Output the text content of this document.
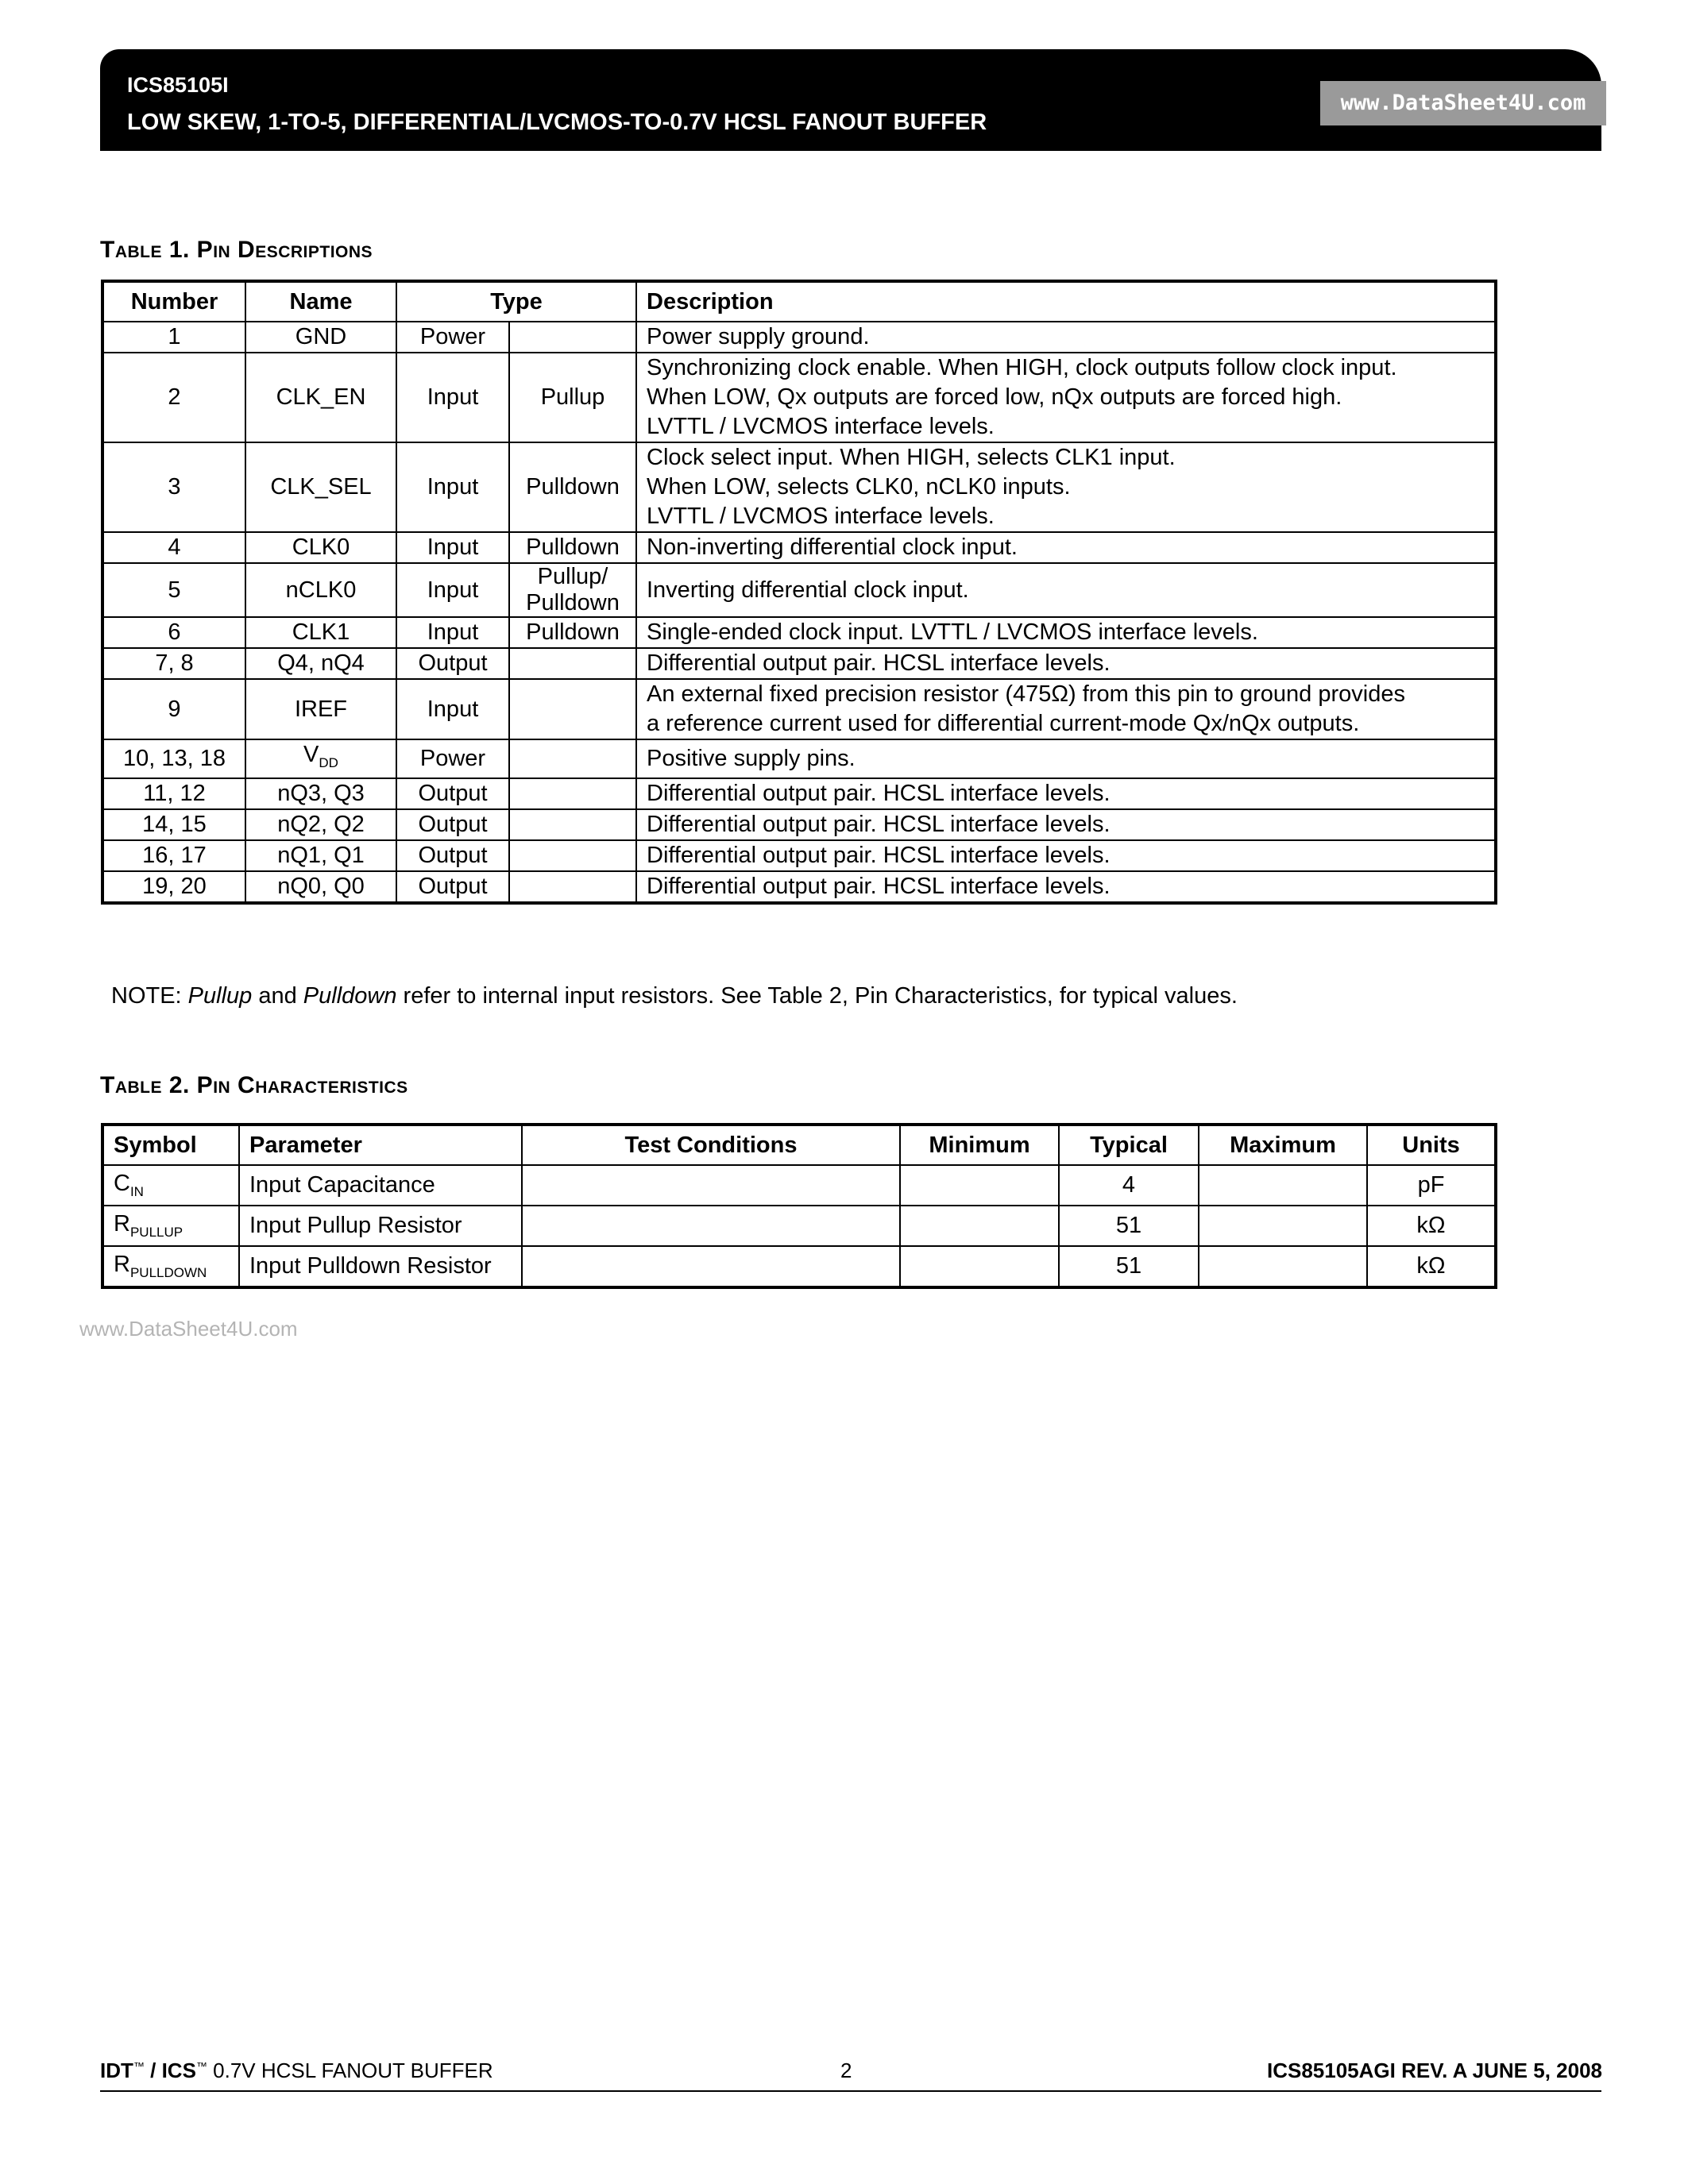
ICS85105I
LOW SKEW, 1-TO-5, DIFFERENTIAL/LVCMOS-TO-0.7V HCSL FANOUT BUFFER
www.DataSheet4U.com
Table 1. Pin Descriptions
Number	Name	Type		Description
1	GND	Power		Power supply ground.

2	CLK_EN	Input	Pullup	Synchronizing clock enable. When HIGH, clock outputs follow clock input.
When LOW, Qx outputs are forced low, nQx outputs are forced high.
LVTTL / LVCMOS interface levels.

3	CLK_SEL	Input	Pulldown	Clock select input. When HIGH, selects CLK1 input.
When LOW, selects CLK0, nCLK0 inputs.
LVTTL / LVCMOS interface levels.

4	CLK0	Input	Pulldown	Non-inverting differential clock input.

5	nCLK0	Input	Pullup/
Pulldown	Inverting differential clock input.

6	CLK1	Input	Pulldown	Single-ended clock input. LVTTL / LVCMOS interface levels.

7, 8	Q4, nQ4	Output		Differential output pair. HCSL interface levels.

9	IREF	Input		An external fixed precision resistor (475Ω) from this pin to ground provides
a reference current used for differential current-mode Qx/nQx outputs.

10, 13, 18	$V_{DD}$	Power		Positive supply pins.

11, 12	nQ3, Q3	Output		Differential output pair. HCSL interface levels.

14, 15	nQ2, Q2	Output		Differential output pair. HCSL interface levels.

16, 17	nQ1, Q1	Output		Differential output pair. HCSL interface levels.

19, 20	nQ0, Q0	Output		Differential output pair. HCSL interface levels.
NOTE: Pullup and Pulldown refer to internal input resistors. See Table 2, Pin Characteristics, for typical values.
Table 2. Pin Characteristics
Symbol	Parameter	Test Conditions	Minimum	Typical	Maximum	Units
$C_{IN}$	Input Capacitance			4		pF
$R_{PULLUP}$	Input Pullup Resistor			51		kΩ
$R_{PULLDOWN}$	Input Pulldown Resistor			51		kΩ
www.DataSheet4U.com
IDT™ / ICS™ 0.7V HCSL FANOUT BUFFER	2	ICS85105AGI REV. A JUNE 5, 2008
